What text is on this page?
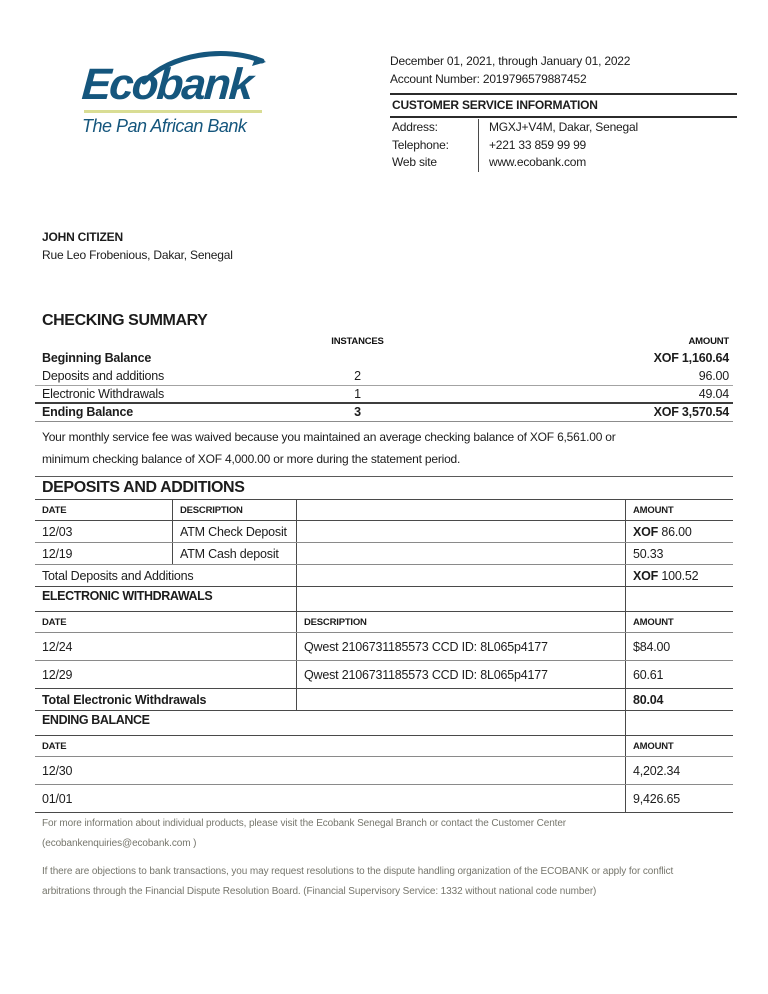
Ecobank
The Pan African Bank
December 01, 2021, through January 01, 2022
Account Number: 2019796579887452
CUSTOMER SERVICE INFORMATION
Address:	MGXJ+V4M, Dakar, Senegal
Telephone:	+221 33 859 99 99
Web site	www.ecobank.com
JOHN CITIZEN
Rue Leo Frobenious, Dakar, Senegal
CHECKING SUMMARY
INSTANCES	AMOUNT
Beginning Balance	XOF 1,160.64
Deposits and additions	2	96.00
Electronic Withdrawals	1	49.04
Ending Balance	3	XOF 3,570.54
Your monthly service fee was waived because you maintained an average checking balance of XOF 6,561.00 or
minimum checking balance of XOF 4,000.00 or more during the statement period.
DEPOSITS AND ADDITIONS
DATE	DESCRIPTION	AMOUNT
12/03	ATM Check Deposit	XOF 86.00
12/19	ATM Cash deposit	50.33
Total Deposits and Additions	XOF 100.52
ELECTRONIC WITHDRAWALS
DATE	DESCRIPTION	AMOUNT
12/24	Qwest 2106731185573 CCD ID: 8L065p4177	$84.00
12/29	Qwest 2106731185573 CCD ID: 8L065p4177	60.61
Total Electronic Withdrawals	80.04
ENDING BALANCE
DATE	AMOUNT
12/30	4,202.34
01/01	9,426.65
For more information about individual products, please visit the Ecobank Senegal Branch or contact the Customer Center
(ecobankenquiries@ecobank.com )
If there are objections to bank transactions, you may request resolutions to the dispute handling organization of the ECOBANK or apply for conflict
arbitrations through the Financial Dispute Resolution Board. (Financial Supervisory Service: 1332 without national code number)
